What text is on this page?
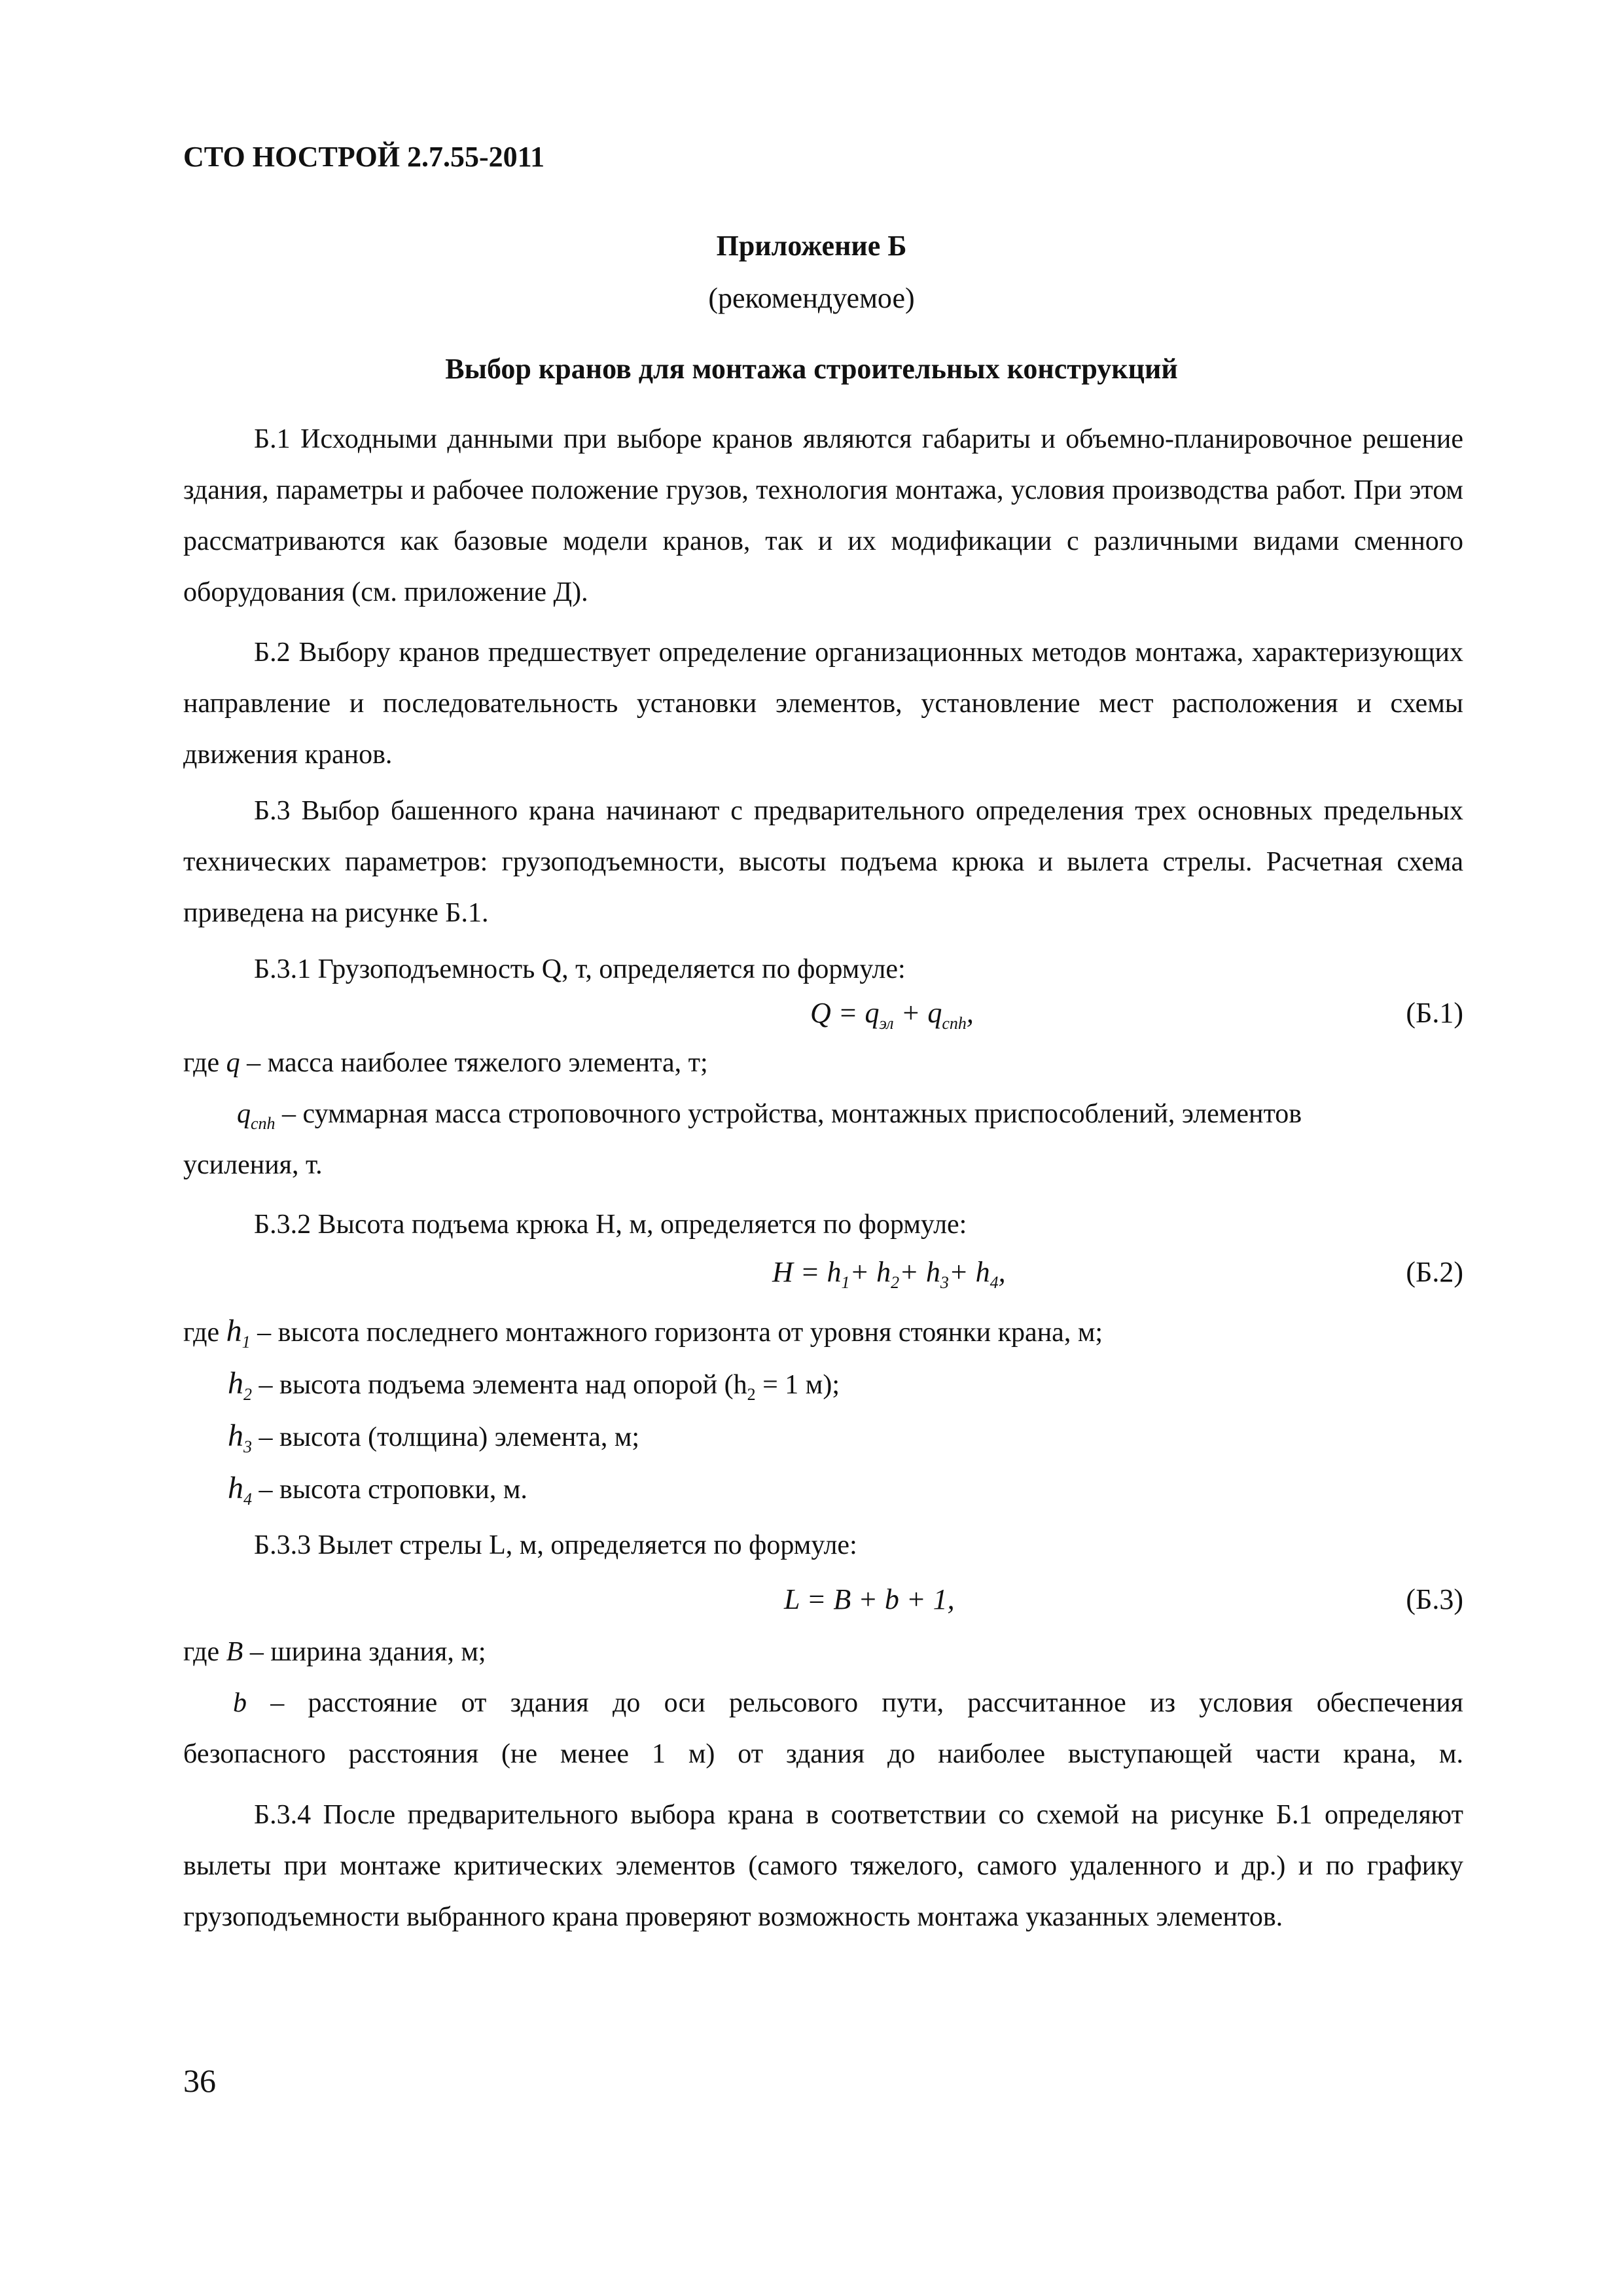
СТО НОСТРОЙ 2.7.55-2011
Приложение Б
(рекомендуемое)
Выбор кранов для монтажа строительных конструкций

Б.1 Исходными данными при выборе кранов являются габариты и объемно-планировочное решение здания, параметры и рабочее положение грузов, технология монтажа, условия производства работ. При этом рассматриваются как базовые модели кранов, так и их модификации с различными видами сменного оборудования (см. приложение Д).

Б.2 Выбору кранов предшествует определение организационных методов монтажа, характеризующих направление и последовательность установки элементов, установление мест расположения и схемы движения кранов.

Б.3 Выбор башенного крана начинают с предварительного определения трех основных предельных технических параметров: грузоподъемности, высоты подъема крюка и вылета стрелы. Расчетная схема приведена на рисунке Б.1.

Б.3.1 Грузоподъемность Q, т, определяется по формуле:

$Q = q_{эл} + q_{cnh}$,	(Б.1)
где q – масса наиболее тяжелого элемента, т;
$q_{cnh}$ – суммарная масса строповочного устройства, монтажных приспособлений, элементов
усиления, т.

Б.3.2 Высота подъема крюка H, м, определяется по формуле:

$H = h_1+ h_2+ h_3+ h_4$,	(Б.2)
где $h_1$ – высота последнего монтажного горизонта от уровня стоянки крана, м;
$h_2$ – высота подъема элемента над опорой ($h_2 = 1$ м);
$h_3$ – высота (толщина) элемента, м;
$h_4$ – высота строповки, м.

Б.3.3 Вылет стрелы L, м, определяется по формуле:

L = B + b + 1,	(Б.3)
где B – ширина здания, м;
b – расстояние от здания до оси рельсового пути, рассчитанное из условия обеспечения
безопасного расстояния (не менее 1 м) от здания до наиболее выступающей части крана, м.

Б.3.4 После предварительного выбора крана в соответствии со схемой на рисунке Б.1 определяют вылеты при монтаже критических элементов (самого тяжелого, самого удаленного и др.) и по графику грузоподъемности выбранного крана проверяют возможность монтажа указанных элементов.

36
